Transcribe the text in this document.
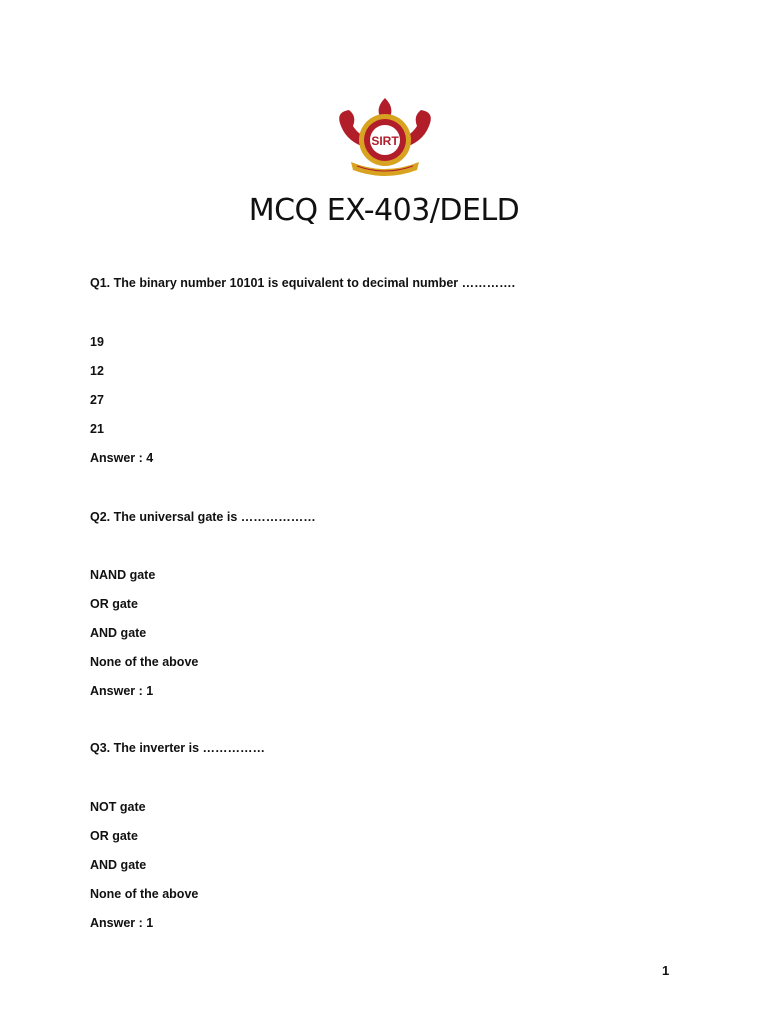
SIRT
MCQ EX-403/DELD
Q1. The binary number 10101 is equivalent to decimal number ………….
19
12
27
21
Answer : 4
Q2. The universal gate is ………………
NAND gate
OR gate
AND gate
None of the above
Answer : 1
Q3. The inverter is ……………
NOT gate
OR gate
AND gate
None of the above
Answer : 1
1
